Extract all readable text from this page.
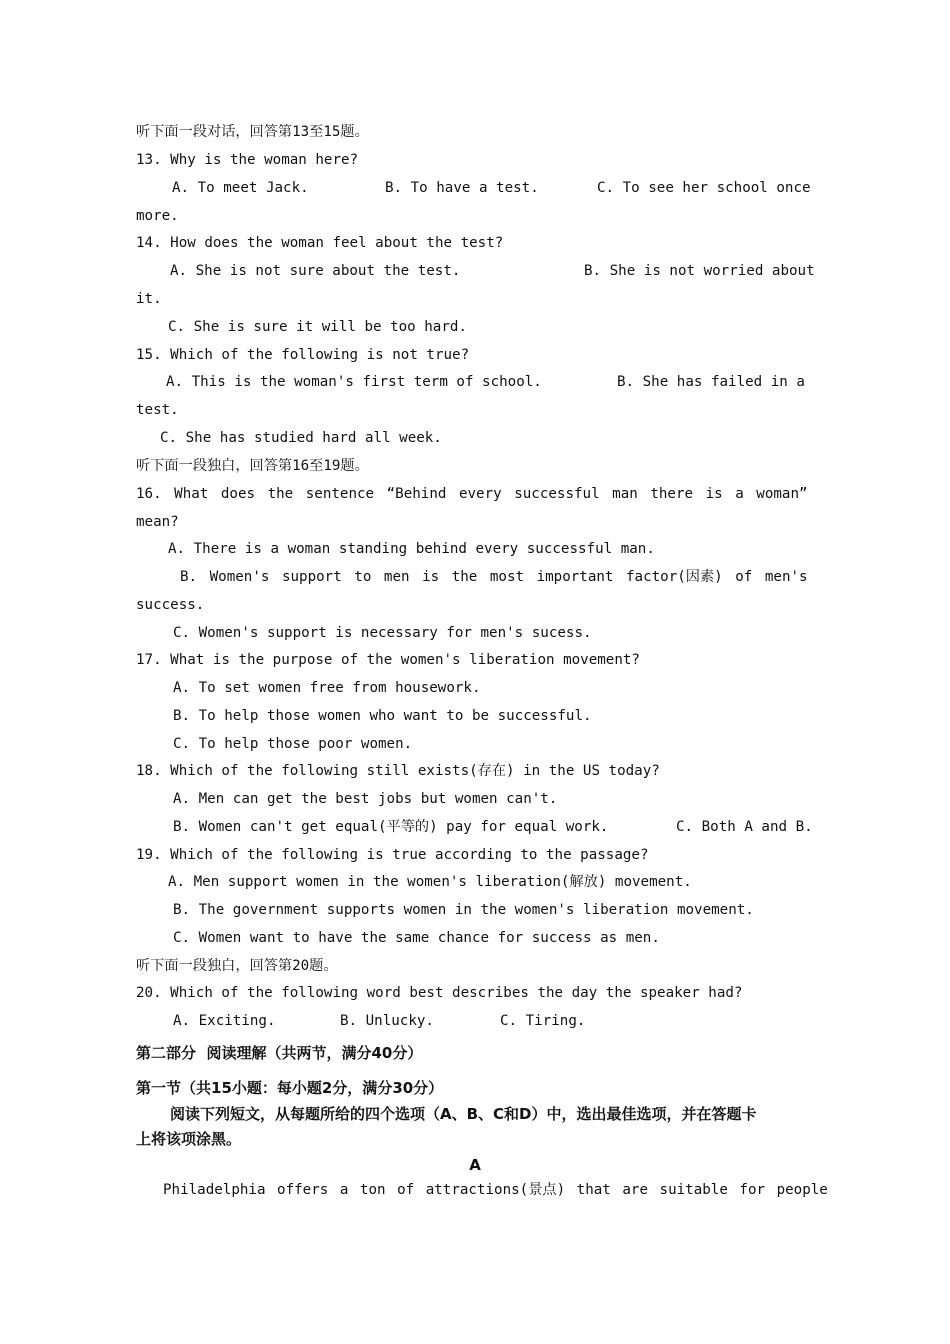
听下面一段对话，回答第13至15题。
13. Why is the woman here?
A. To meet Jack.	B. To have a test.	C. To see her school once
more.
14. How does the woman feel about the test?
A. She is not sure about the test.	B. She is not worried about
it.
C. She is sure it will be too hard.
15. Which of the following is not true?
A. This is the woman's first term of school.	B. She has failed in a
test.
C. She has studied hard all week.
听下面一段独白，回答第16至19题。
16. What does the sentence “Behind every successful man there is a woman”
mean?
A. There is a woman standing behind every successful man.
B. Women's support to men is the most important factor(因素) of men's
success.
C. Women's support is necessary for men's sucess.
17. What is the purpose of the women's liberation movement?
A. To set women free from housework.
B. To help those women who want to be successful.
C. To help those poor women.
18. Which of the following still exists(存在) in the US today?
A. Men can get the best jobs but women can't.
B. Women can't get equal(平等的) pay for equal work.	C. Both A and B.
19. Which of the following is true according to the passage?
A. Men support women in the women's liberation(解放) movement.
B. The government supports women in the women's liberation movement.
C. Women want to have the same chance for success as men.
听下面一段独白，回答第20题。
20. Which of the following word best describes the day the speaker had?
A. Exciting.	B. Unlucky.	C. Tiring.
第二部分  阅读理解（共两节，满分40分）
第一节（共15小题：每小题2分，满分30分）
阅读下列短文，从每题所给的四个选项（A、B、C和D）中，选出最佳选项，并在答题卡
上将该项涂黑。
A
Philadelphia offers a ton of attractions(景点) that are suitable for people
